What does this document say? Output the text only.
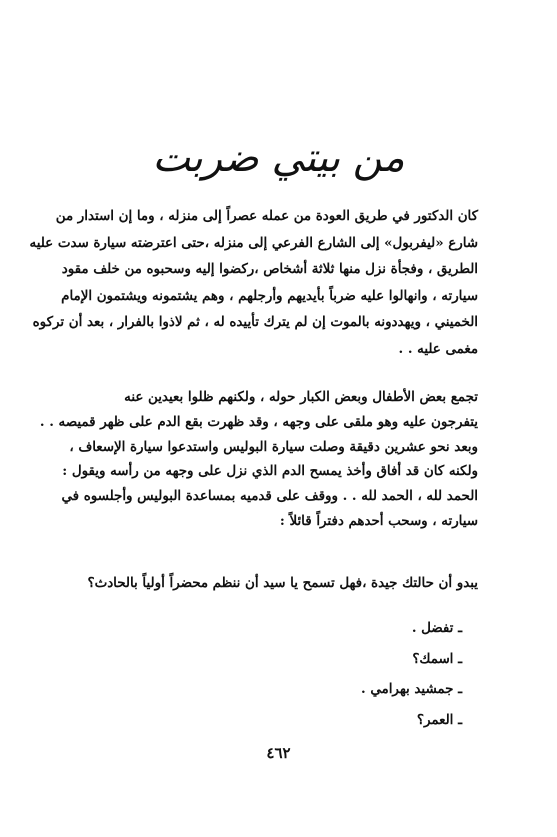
من بيتي ضربت
كان الدكتور في طريق العودة من عمله عصراً إلى منزله ، وما إن استدار من
شارع «ليفربول» إلى الشارع الفرعي إلى منزله ،حتى اعترضته سيارة سدت عليه
الطريق ، وفجأة نزل منها ثلاثة أشخاص ،ركضوا إليه وسحبوه من خلف مقود
سيارته ، وانهالوا عليه ضرباً بأيديهم وأرجلهم ، وهم يشتمونه ويشتمون الإمام
الخميني ، ويهددونه بالموت إن لم يترك تأييده له ، ثم لاذوا بالفرار ، بعد أن تركوه
مغمى عليه . .
تجمع بعض الأطفال وبعض الكبار حوله ، ولكنهم ظلوا بعيدين عنه
يتفرجون عليه وهو ملقى على وجهه ، وقد ظهرت بقع الدم على ظهر قميصه . .
وبعد نحو عشرين دقيقة وصلت سيارة البوليس واستدعوا سيارة الإسعاف ،
ولكنه كان قد أفاق وأخذ يمسح الدم الذي نزل على وجهه من رأسه ويقول :
الحمد لله ، الحمد لله . . ووقف على قدميه بمساعدة البوليس وأجلسوه في
سيارته ، وسحب أحدهم دفتراً قائلاً :
يبدو أن حالتك جيدة ،فهل تسمح يا سيد أن ننظم محضراً أولياً بالحادث؟
ـ تفضل .
ـ اسمك؟
ـ جمشيد بهرامي .
ـ العمر؟
٤٦٢
